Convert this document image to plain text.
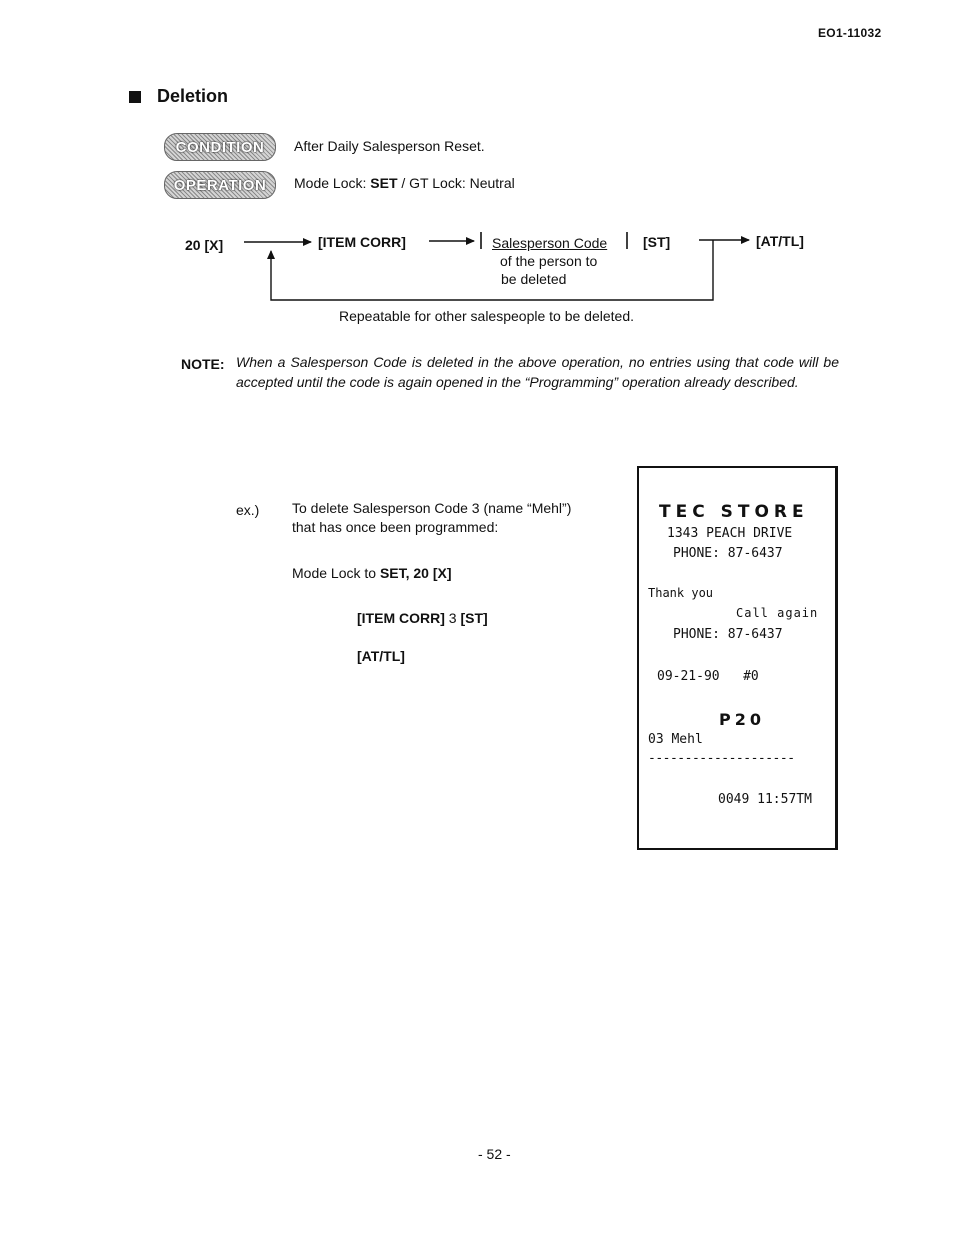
EO1-11032
Deletion
CONDITION After Daily Salesperson Reset.
OPERATION Mode Lock: SET / GT Lock: Neutral
20 [X]	[ITEM CORR]	Salesperson Code
of the person to
be deleted
[ST]	[AT/TL]
Repeatable for other salespeople to be deleted.
NOTE: When a Salesperson Code is deleted in the above operation, no entries using that code will be accepted until the code is again opened in the “Programming” operation already described.
ex.) To delete Salesperson Code 3 (name “Mehl”) that has once been programmed:
Mode Lock to SET, 20 [X]
[ITEM CORR] 3 [ST]
[AT/TL]
TEC STORE
1343 PEACH DRIVE
PHONE: 87-6437
Thank you
Call again
PHONE: 87-6437
09-21-90   #0
P20
03 Mehl
--------------------
0049 11:57TM
- 52 -
